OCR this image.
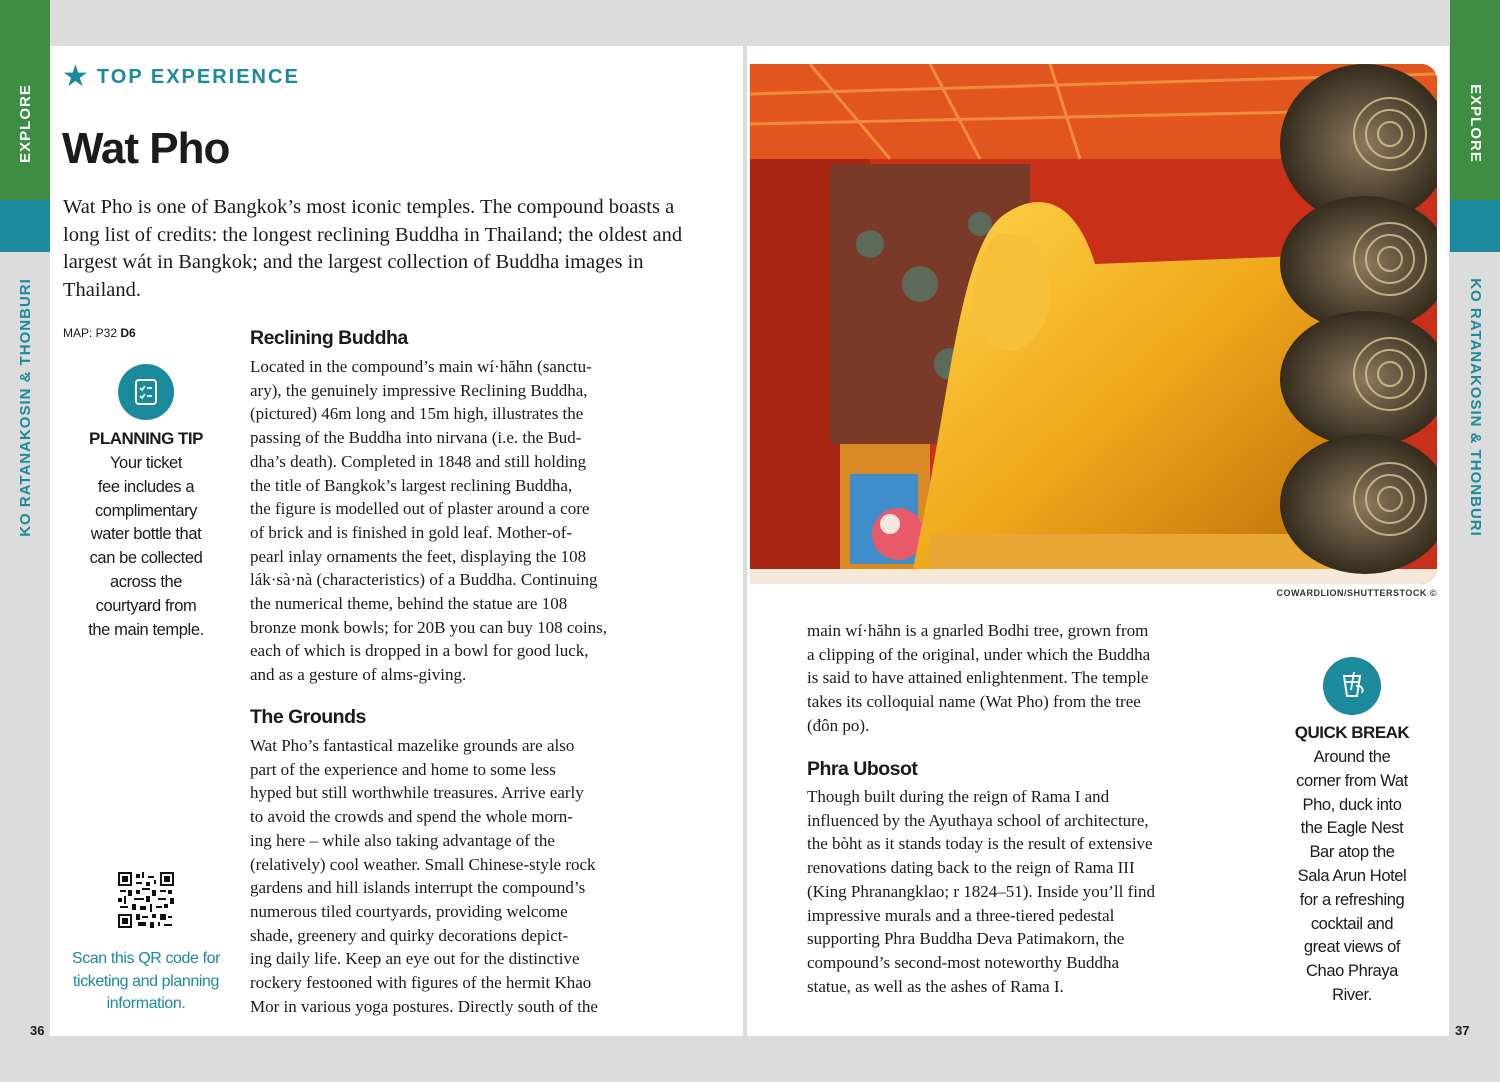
EXPLORE
KO RATANAKOSIN & THONBURI
EXPLORE
KO RATANAKOSIN & THONBURI
★ TOP EXPERIENCE
Wat Pho
Wat Pho is one of Bangkok’s most iconic temples. The compound boasts a long list of credits: the longest reclining Buddha in Thailand; the oldest and largest wát in Bangkok; and the largest collection of Buddha images in Thailand.
MAP: P32 D6
PLANNING TIP
Your ticket
fee includes a
complimentary
water bottle that
can be collected
across the
courtyard from
the main temple.
Scan this QR code for
ticketing and planning
information.
Reclining Buddha

Located in the compound’s main wí·hăhn (sanctu-

ary), the genuinely impressive Reclining Buddha,

(pictured) 46m long and 15m high, illustrates the

passing of the Buddha into nirvana (i.e. the Bud-

dha’s death). Completed in 1848 and still holding

the title of Bangkok’s largest reclining Buddha,

the figure is modelled out of plaster around a core

of brick and is finished in gold leaf. Mother-of-

pearl inlay ornaments the feet, displaying the 108

lák·sà·nà (characteristics) of a Buddha. Continuing

the numerical theme, behind the statue are 108

bronze monk bowls; for 20B you can buy 108 coins,

each of which is dropped in a bowl for good luck,

and as a gesture of alms-giving.

The Grounds

Wat Pho’s fantastical mazelike grounds are also

part of the experience and home to some less

hyped but still worthwhile treasures. Arrive early

to avoid the crowds and spend the whole morn-

ing here – while also taking advantage of the

(relatively) cool weather. Small Chinese-style rock

gardens and hill islands interrupt the compound’s

numerous tiled courtyards, providing welcome

shade, greenery and quirky decorations depict-

ing daily life. Keep an eye out for the distinctive

rockery festooned with figures of the hermit Khao

Mor in various yoga postures. Directly south of the

36
COWARDLION/SHUTTERSTOCK ©

main wí·hăhn is a gnarled Bodhi tree, grown from

a clipping of the original, under which the Buddha

is said to have attained enlightenment. The temple

takes its colloquial name (Wat Pho) from the tree

(đôn po).

Phra Ubosot

Though built during the reign of Rama I and

influenced by the Ayuthaya school of architecture,

the bòht as it stands today is the result of extensive

renovations dating back to the reign of Rama III

(King Phranangklao; r 1824–51). Inside you’ll find

impressive murals and a three-tiered pedestal

supporting Phra Buddha Deva Patimakorn, the

compound’s second-most noteworthy Buddha

statue, as well as the ashes of Rama I.

QUICK BREAK
Around the
corner from Wat
Pho, duck into
the Eagle Nest
Bar atop the
Sala Arun Hotel
for a refreshing
cocktail and
great views of
Chao Phraya
River.
37
